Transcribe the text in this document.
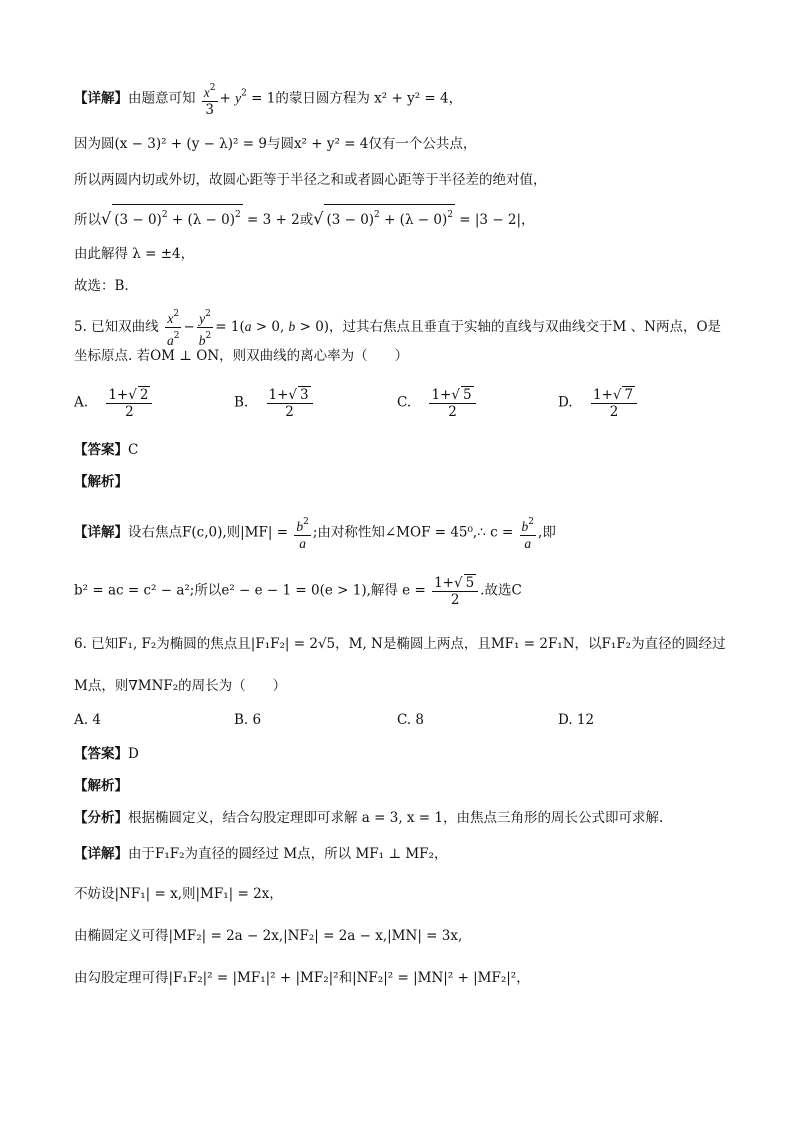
【详解】由题意可知 $\frac{x^2}{3} + y^2 = 1$的蒙日圆方程为 x² + y² = 4，
因为圆(x − 3)² + (y − λ)² = 9与圆x² + y² = 4仅有一个公共点，
所以两圆内切或外切，故圆心距等于半径之和或者圆心距等于半径差的绝对值，
所以√ $(3 - 0)^2 + (\lambda - 0)^2 = 3 + 2$或√ $(3 - 0)^2 + (\lambda - 0)^2 = |3 - 2|$，
由此解得 λ = ±4，
故选：B.
5. 已知双曲线 $\frac{x^2}{a^2} - \frac{y^2}{b^2} = 1(a > 0$, b > 0)，过其右焦点且垂直于实轴的直线与双曲线交于M 、N两点，O是
坐标原点. 若OM ⊥ ON，则双曲线的离心率为（　　）
A. $\frac{1+√ 2}{2}$	B. $\frac{1+√ 3}{2}$	C. $\frac{1+√ 5}{2}$	D. $\frac{1+√ 7}{2}$
【答案】C
【解析】
【详解】设右焦点F(c,0),则$|MF| = \frac{b^2}{a}$ ;由对称性知∠MOF = 45⁰,∴ $c = \frac{b^2}{a}$ ,即
b² = ac = c² − a²;所以e² − e − 1 = 0(e > 1),解得 $e = \frac{1+√ 5}{2}$ .故选C
6. 已知F₁, F₂为椭圆的焦点且|F₁F₂| = 2√5，M, N是椭圆上两点，且MF₁ = 2F₁N，以F₁F₂为直径的圆经过
M点，则∇MNF₂的周长为（　　）
A. 4	B. 6	C. 8	D. 12
【答案】D
【解析】
【分析】根据椭圆定义，结合勾股定理即可求解 a = 3, x = 1，由焦点三角形的周长公式即可求解.
【详解】由于F₁F₂为直径的圆经过 M点，所以 MF₁ ⊥ MF₂，
不妨设|NF₁| = x,则|MF₁| = 2x，
由椭圆定义可得|MF₂| = 2a − 2x,|NF₂| = 2a − x,|MN| = 3x,
由勾股定理可得|F₁F₂|² = |MF₁|² + |MF₂|²和|NF₂|² = |MN|² + |MF₂|²，
